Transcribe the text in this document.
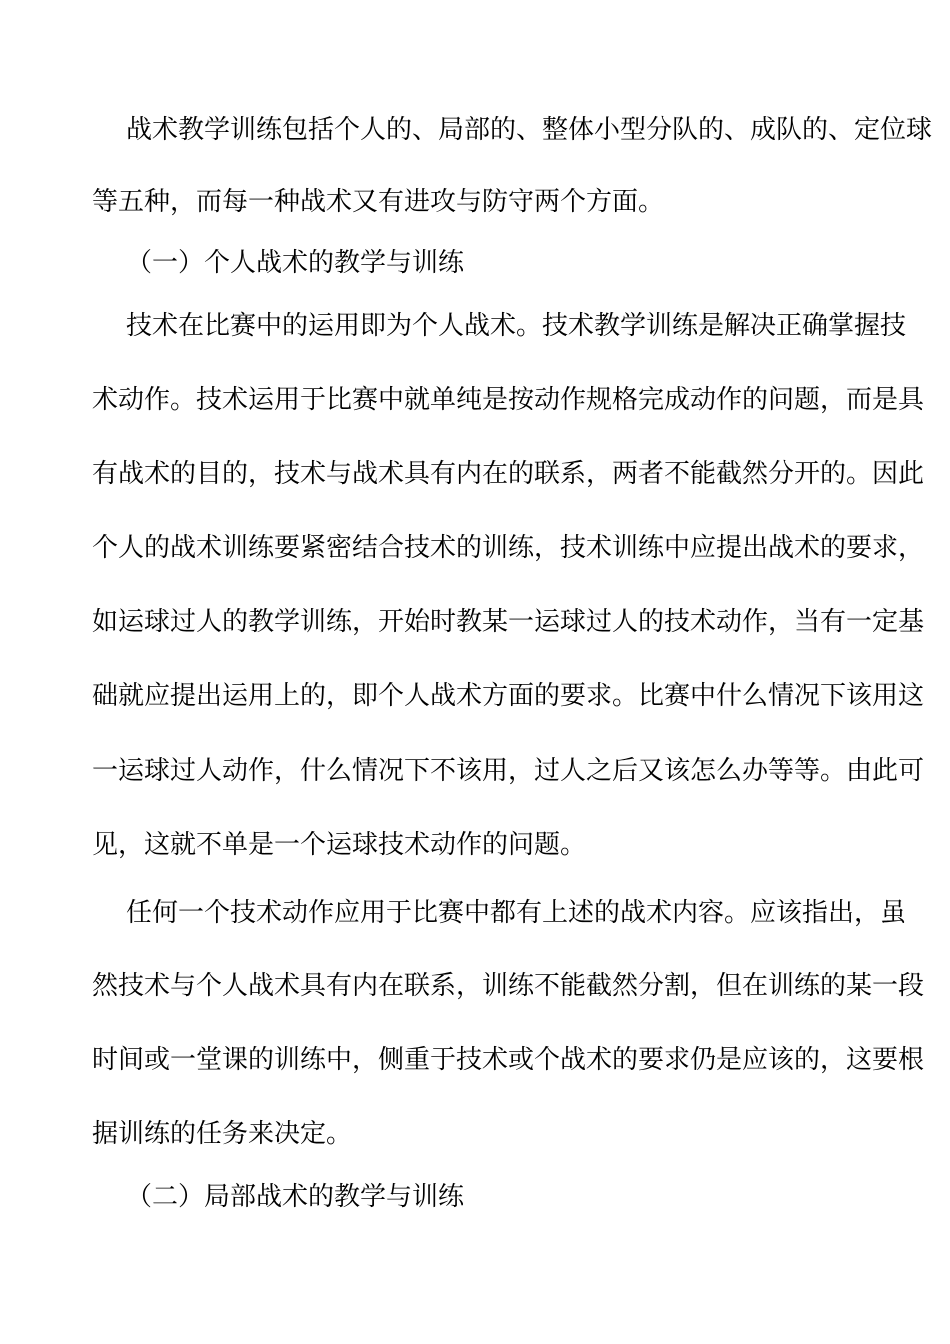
战术教学训练包括个人的、局部的、整体小型分队的、成队的、定位球
等五种，而每一种战术又有进攻与防守两个方面。
（一）个人战术的教学与训练
技术在比赛中的运用即为个人战术。技术教学训练是解决正确掌握技
术动作。技术运用于比赛中就单纯是按动作规格完成动作的问题，而是具
有战术的目的，技术与战术具有内在的联系，两者不能截然分开的。因此
个人的战术训练要紧密结合技术的训练，技术训练中应提出战术的要求，
如运球过人的教学训练，开始时教某一运球过人的技术动作，当有一定基
础就应提出运用上的，即个人战术方面的要求。比赛中什么情况下该用这
一运球过人动作，什么情况下不该用，过人之后又该怎么办等等。由此可
见，这就不单是一个运球技术动作的问题。
任何一个技术动作应用于比赛中都有上述的战术内容。应该指出，虽
然技术与个人战术具有内在联系，训练不能截然分割，但在训练的某一段
时间或一堂课的训练中，侧重于技术或个战术的要求仍是应该的，这要根
据训练的任务来决定。
（二）局部战术的教学与训练
